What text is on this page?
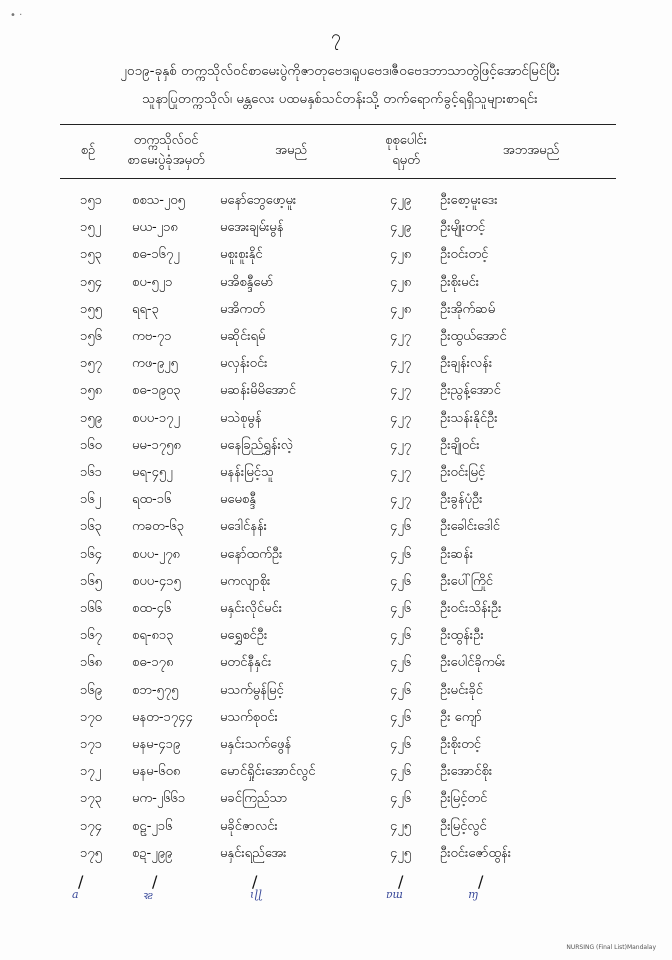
• ·
၇
၂၀၁၉-ခုနှစ် တက္ကသိုလ်ဝင်စာမေးပွဲကိုဇာတုဗေဒ၊ရူပဗေဒ၊ဇီဝဗေဒဘာသာတွဲဖြင့်အောင်မြင်ပြီး
သူနာပြုတက္ကသိုလ်၊ မန္တလေး ပထမနှစ်သင်တန်းသို့ တက်ရောက်ခွင့်ရရှိသူများစာရင်း
စဉ်
တက္ကသိုလ်ဝင်
စာမေးပွဲခုံအမှတ်
အမည်
စုစုပေါင်း
ရမှတ်
အဘအမည်
၁၅၁ စစသ-၂၀၅	မနော်ဘွေဖော့မူး	၄၂၉ ဦးစော့မူးဒေး
၁၅၂ မယ-၂၁၈	မအေးချမ်းမွန်	၄၂၉ ဦးမျိုးတင့်
၁၅၃ စဓ-၁၆၇၂	မစူးစူးနိုင်	၄၂၈ ဦးဝင်းတင့်
၁၅၄ စပ-၅၂၁	မအိစန္ဒီမော်	၄၂၈ ဦးစိုးမင်း
၁၅၅ ရရ-၃	မအိကတ်	၄၂၈ ဦးအိုက်ဆမ်
၁၅၆ ကဗ-၇၁	မဆိုင်းရမ်	၄၂၇ ဦးထွယ်အောင်
၁၅၇ ကဖ-၉၂၅	မလှန်းဝင်း	၄၂၇ ဦးချန်းလန်း
၁၅၈ စဓ-၁၉၀၃	မဆန်းမိမိအောင်	၄၂၇ ဦးညွန့်အောင်
၁၅၉ စပပ-၁၇၂	မသဲစုမွန်	၄၂၇ ဦးသန်းနိုင်ဦး
၁၆၀ မမ-၁၇၅၈	မနေခြည်ရွှန်းလဲ့	၄၂၇ ဦးချိုဝင်း
၁၆၁ မရ-၄၅၂	မနန်းမြင့်သူ	၄၂၇ ဦးဝင်းမြင့်
၁၆၂ ရထ-၁၆	မမေစန္ဒီ	၄၂၇ ဦးခွန်ပုံဦး
၁၆၃ ကခတ-၆၃	မဒေါင်နန်း	၄၂၆ ဦးခေါင်းဒေါင်
၁၆၄ စပပ-၂၇၈	မနော်ထက်ဦး	၄၂၆ ဦးဆန်း
၁၆၅ စပပ-၄၁၅	မကလျာစိုး	၄၂၆ ဦးပေါ်ကြိုင်
၁၆၆ စထ-၄၆	မနှင်းလိုင်မင်း	၄၂၆ ဦးဝင်းသိန်းဦး
၁၆၇ စရ-၈၁၃	မရွှေစင်ဦး	၄၂၆ ဦးထွန်းဦး
၁၆၈ စဓ-၁၇၈	မတင်နီနှင်း	၄၂၆ ဦးပေါင်ခိုကမ်း
၁၆၉ စဘ-၅၇၅	မသက်မွန်မြင့်	၄၂၆ ဦးမင်းခိုင်
၁၇၀ မနတ-၁၇၄၄ မသက်စုဝင်း	၄၂၆ ဦး ကျော်
၁၇၁ မနမ-၄၁၉	မနှင်းသက်ဖွေန်	၄၂၆ ဦးစိုးတင့်
၁၇၂ မနမ-၆၀၈	မောင်ရှိုင်းအောင်လွင်	၄၂၆ ဦးအောင်စိုး
၁၇၃ မက-၂၆၆၁	မခင်ကြည်သာ	၄၂၆ ဦးမြင့်တင်
၁၇၄ စဠ-၂၁၆	မခိုင်ဇာလင်း	၄၂၅ ဦးမြင့်လွင်
၁၇၅ စဍ-၂၉၉	မနှင်းရည်အေး	၄၂၅ ဦးဝင်းဇော်ထွန်း
/	/	/	/	/
a	ꝛƨ	ɩɭɭ	ɐɯ	ɱ
NURSING (Final List)Mandalay
